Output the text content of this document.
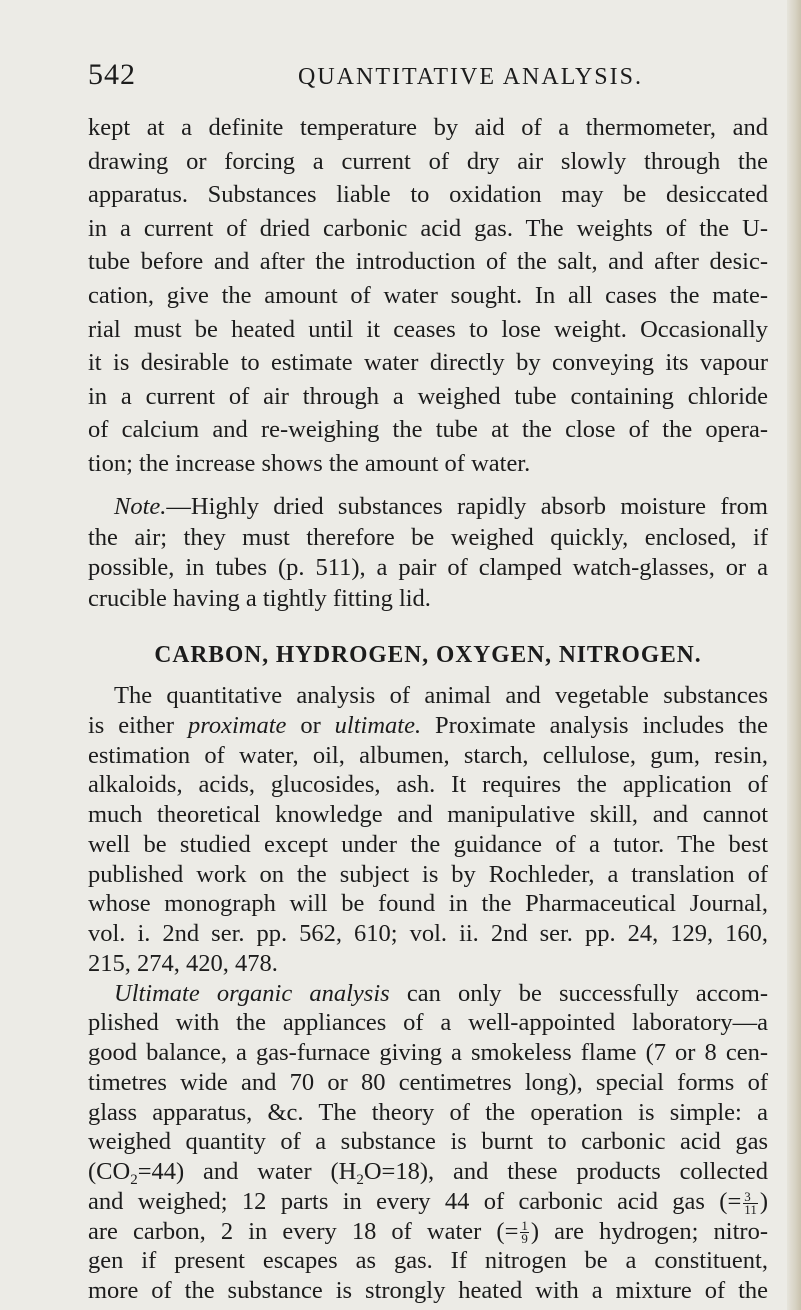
542	QUANTITATIVE ANALYSIS.
kept at a definite temperature by aid of a thermometer, and
drawing or forcing a current of dry air slowly through the
apparatus. Substances liable to oxidation may be desiccated
in a current of dried carbonic acid gas. The weights of the U-
tube before and after the introduction of the salt, and after desic-
cation, give the amount of water sought. In all cases the mate-
rial must be heated until it ceases to lose weight. Occasionally
it is desirable to estimate water directly by conveying its vapour
in a current of air through a weighed tube containing chloride
of calcium and re-weighing the tube at the close of the opera-
tion; the increase shows the amount of water.
Note.—Highly dried substances rapidly absorb moisture from
the air; they must therefore be weighed quickly, enclosed, if
possible, in tubes (p. 511), a pair of clamped watch-glasses, or a
crucible having a tightly fitting lid.
CARBON, HYDROGEN, OXYGEN, NITROGEN.
The quantitative analysis of animal and vegetable substances
is either proximate or ultimate. Proximate analysis includes the
estimation of water, oil, albumen, starch, cellulose, gum, resin,
alkaloids, acids, glucosides, ash. It requires the application of
much theoretical knowledge and manipulative skill, and cannot
well be studied except under the guidance of a tutor. The best
published work on the subject is by Rochleder, a translation of
whose monograph will be found in the Pharmaceutical Journal,
vol. i. 2nd ser. pp. 562, 610; vol. ii. 2nd ser. pp. 24, 129, 160,
215, 274, 420, 478.
Ultimate organic analysis can only be successfully accom-
plished with the appliances of a well-appointed laboratory—a
good balance, a gas-furnace giving a smokeless flame (7 or 8 cen-
timetres wide and 70 or 80 centimetres long), special forms of
glass apparatus, &c. The theory of the operation is simple: a
weighed quantity of a substance is burnt to carbonic acid gas
$(CO_2=44)$ and water $(H_2O=18)$, and these products collected
and weighed; 12 parts in every 44 of carbonic acid gas (= $\frac{3}{11}$ )
are carbon, 2 in every 18 of water (= $\frac{1}{9}$ ) are hydrogen; nitro-
gen if present escapes as gas. If nitrogen be a constituent,
more of the substance is strongly heated with a mixture of the
